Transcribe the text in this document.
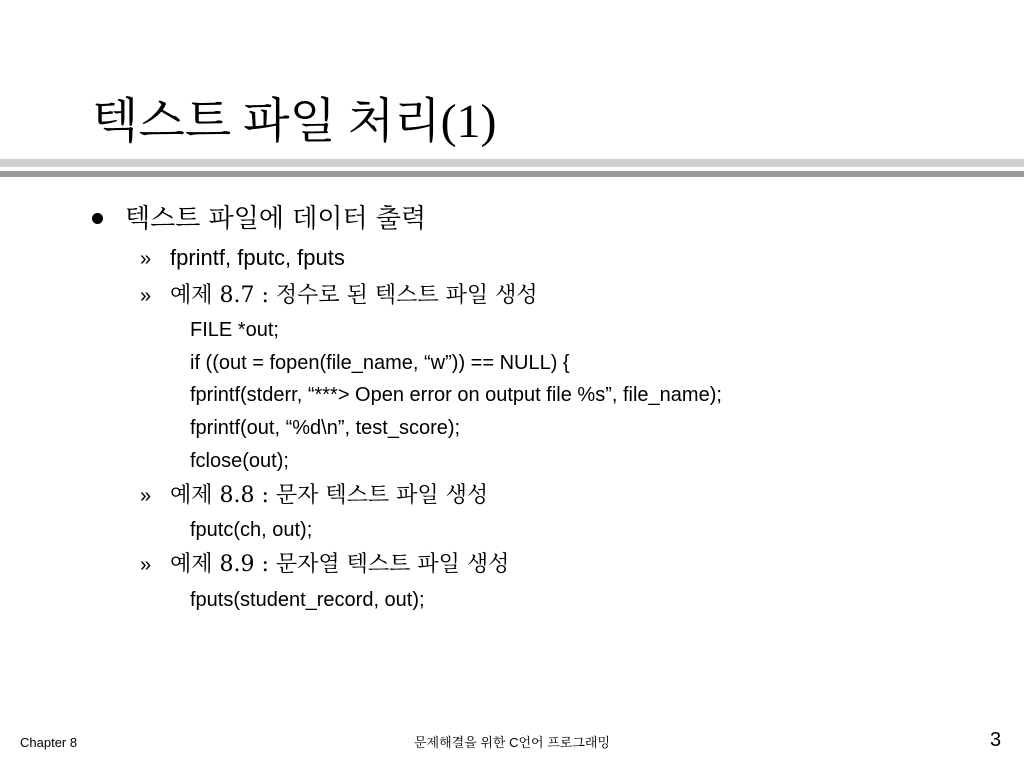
텍스트 파일 처리(1)
텍스트 파일에 데이터 출력
» fprintf, fputc, fputs
» 예제 8.7 : 정수로 된 텍스트 파일 생성
FILE *out;
if ((out = fopen(file_name, “w”)) == NULL) {
fprintf(stderr, “***> Open error on output file %s”, file_name);
fprintf(out, “%d\n”, test_score);
fclose(out);
» 예제 8.8 : 문자 텍스트 파일 생성
fputc(ch, out);
» 예제 8.9 : 문자열 텍스트 파일 생성
fputs(student_record, out);
Chapter 8	문제해결을 위한 C언어 프로그래밍	3
